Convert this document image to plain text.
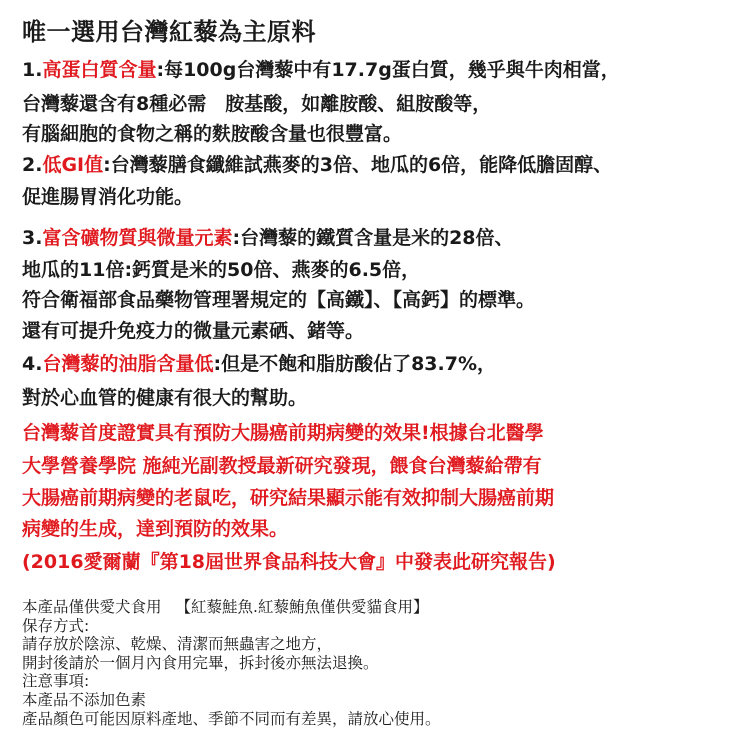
唯一選用台灣紅藜為主原料
1.高蛋白質含量:每100g台灣藜中有17.7g蛋白質，幾乎與牛肉相當，
台灣藜還含有8種必需　胺基酸，如離胺酸、組胺酸等，
有腦細胞的食物之稱的麩胺酸含量也很豐富。
2.低GI值:台灣藜膳食纖維試燕麥的3倍、地瓜的6倍，能降低膽固醇、
促進腸胃消化功能。
3.富含礦物質與微量元素:台灣藜的鐵質含量是米的28倍、
地瓜的11倍:鈣質是米的50倍、燕麥的6.5倍，
符合衛福部食品藥物管理署規定的【高鐵】、【高鈣】的標準。
還有可提升免疫力的微量元素硒、鍺等。
4.台灣藜的油脂含量低:但是不飽和脂肪酸佔了83.7%，
對於心血管的健康有很大的幫助。
台灣藜首度證實具有預防大腸癌前期病變的效果!根據台北醫學
大學營養學院 施純光副教授最新研究發現，餵食台灣藜給帶有
大腸癌前期病變的老鼠吃，研究結果顯示能有效抑制大腸癌前期
病變的生成，達到預防的效果。
(2016愛爾蘭『第18屆世界食品科技大會』中發表此研究報告)
本產品僅供愛犬食用 【紅藜鮭魚.紅藜鮪魚僅供愛貓食用】
保存方式:
請存放於陰涼、乾燥、清潔而無蟲害之地方，
開封後請於一個月內食用完畢，拆封後亦無法退換。
注意事項:
本產品不添加色素
產品顏色可能因原料產地、季節不同而有差異，請放心使用。
